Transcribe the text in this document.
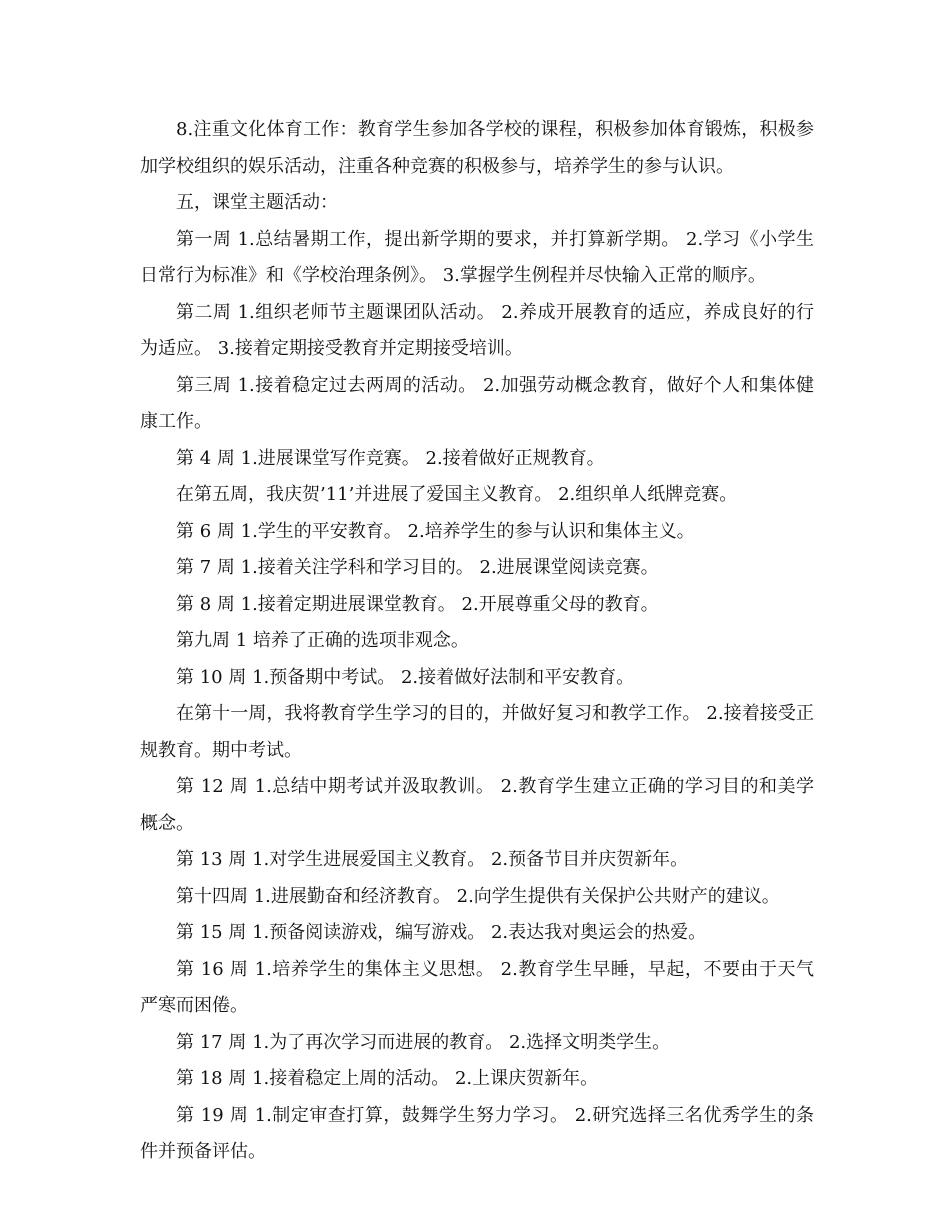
8.注重文化体育工作：教育学生参加各学校的课程，积极参加体育锻炼，积极参加学校组织的娱乐活动，注重各种竞赛的积极参与，培养学生的参与认识。

五，课堂主题活动：

第一周 1.总结暑期工作，提出新学期的要求，并打算新学期。 2.学习《小学生日常行为标准》和《学校治理条例》。 3.掌握学生例程并尽快输入正常的顺序。

第二周 1.组织老师节主题课团队活动。 2.养成开展教育的适应，养成良好的行为适应。 3.接着定期接受教育并定期接受培训。

第三周 1.接着稳定过去两周的活动。 2.加强劳动概念教育，做好个人和集体健康工作。

第 4 周 1.进展课堂写作竞赛。 2.接着做好正规教育。

在第五周，我庆贺’11’并进展了爱国主义教育。 2.组织单人纸牌竞赛。

第 6 周 1.学生的平安教育。 2.培养学生的参与认识和集体主义。

第 7 周 1.接着关注学科和学习目的。 2.进展课堂阅读竞赛。

第 8 周 1.接着定期进展课堂教育。 2.开展尊重父母的教育。

第九周 1 培养了正确的选项非观念。

第 10 周 1.预备期中考试。 2.接着做好法制和平安教育。

在第十一周，我将教育学生学习的目的，并做好复习和教学工作。 2.接着接受正规教育。期中考试。

第 12 周 1.总结中期考试并汲取教训。 2.教育学生建立正确的学习目的和美学概念。

第 13 周 1.对学生进展爱国主义教育。 2.预备节目并庆贺新年。

第十四周 1.进展勤奋和经济教育。 2.向学生提供有关保护公共财产的建议。

第 15 周 1.预备阅读游戏，编写游戏。 2.表达我对奥运会的热爱。

第 16 周 1.培养学生的集体主义思想。 2.教育学生早睡，早起，不要由于天气严寒而困倦。

第 17 周 1.为了再次学习而进展的教育。 2.选择文明类学生。

第 18 周 1.接着稳定上周的活动。 2.上课庆贺新年。

第 19 周 1.制定审查打算，鼓舞学生努力学习。 2.研究选择三名优秀学生的条件并预备评估。
